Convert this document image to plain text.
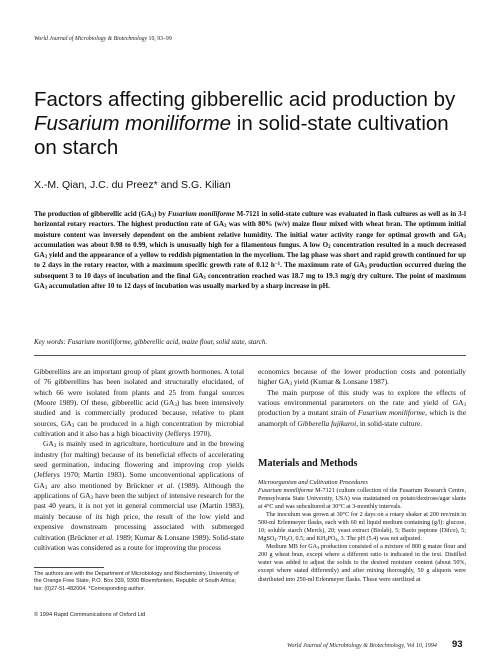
World Journal of Microbiology & Biotechnology 10, 93–99
Factors affecting gibberellic acid production by Fusarium moniliforme in solid-state cultivation on starch
X.-M. Qian, J.C. du Preez* and S.G. Kilian

The production of gibberellic acid $(GA_3)$ by Fusarium moniliforme M-7121 in solid-state culture was evaluated in flask cultures as well as in 3-l horizontal rotary reactors. The highest production rate of $GA_3$ was with 80% (w/v) maize flour mixed with wheat bran. The optimum initial moisture content was inversely dependent on the ambient relative humidity. The initial water activity range for optimal growth and $GA_3$ accumulation was about 0.98 to 0.99, which is unusually high for a filamentous fungus. A low $O_2$ concentration resulted in a much decreased $GA_3$ yield and the appearance of a yellow to reddish pigmentation in the mycelium. The lag phase was short and rapid growth continued for up to 2 days in the rotary reactor, with a maximum specific growth rate of 0.12 $h^{-1}$. The maximum rate of $GA_3$ production occurred during the subsequent 3 to 10 days of incubation and the final $GA_3$ concentration reached was 18.7 mg to 19.3 mg/g dry culture. The point of maximum $GA_3$ accumulation after 10 to 12 days of incubation was usually marked by a sharp increase in pH.

Key words: Fusarium moniliforme, gibberellic acid, maize flour, solid state, starch.

Gibberellins are an important group of plant growth hormones. A total of 76 gibberellins has been isolated and structurally elucidated, of which 66 were isolated from plants and 25 from fungal sources (Moore 1989). Of these, gibberellic acid $(GA_3)$ has been intensively studied and is commercially produced because, relative to plant sources, $GA_3$ can be produced in a high concentration by microbial cultivation and it also has a high bioactivity (Jefferys 1970).

$GA_3$ is mainly used in agriculture, horticulture and in the brewing industry (for malting) because of its beneficial effects of accelerating seed germination, inducing flowering and improving crop yields (Jefferys 1970; Martin 1983). Some unconventional applications of $GA_3$ are also mentioned by Brückner et al. (1989). Although the applications of $GA_3$ have been the subject of intensive research for the past 40 years, it is not yet in general commercial use (Martin 1983), mainly because of its high price, the result of the low yield and expensive downstream processing associated with submerged cultivation (Brückner et al. 1989; Kumar & Lonsane 1989). Solid-state cultivation was considered as a route for improving the process

The authors are with the Department of Microbiology and Biochemistry, University of the Orange Free State, P.O. Box 339, 9300 Bloemfontein, Republic of South Africa; fax: (0)27-51-482004. *Corresponding author.
© 1994 Rapid Communications of Oxford Ltd

economics because of the lower production costs and potentially higher $GA_3$ yield (Kumar & Lonsane 1987).

The main purpose of this study was to explore the effects of various environmental parameters on the rate and yield of $GA_3$ production by a mutant strain of Fusarium moniliforme, which is the anamorph of Gibberella fujikuroi, in solid-state culture.

Materials and Methods
Microorganism and Cultivation Procedures

Fusarium moniliforme M-7121 (culture collection of the Fusarium Research Centre, Pennsylvania State University, USA) was maintained on potato/dextrose/agar slants at 4°C and was subcultured at 30°C at 3-monthly intervals.

The inoculum was grown at 30°C for 2 days on a rotary shaker at 200 rev/min in 500-ml Erlenmeyer flasks, each with 60 ml liquid medium containing (g/l): glucose, 10; soluble starch (Merck), 20; yeast extract (Biolab), 5; Bacto peptone (Difco), 5; $MgSO_4\cdot 7H_2O$, 0.5; and $KH_2PO_4$, 3. The pH (5.4) was not adjusted.

Medium MB for $GA_3$ production consisted of a mixture of 800 g maize flour and 200 g wheat bran, except where a different ratio is indicated in the text. Distilled water was added to adjust the solids to the desired moisture content (about 50%, except where stated differently) and after mixing thoroughly, 50 g aliquots were distributed into 250-ml Erlenmeyer flasks. These were sterilized at

World Journal of Microbiology & Biotechnology, Vol 10, 1994 93
